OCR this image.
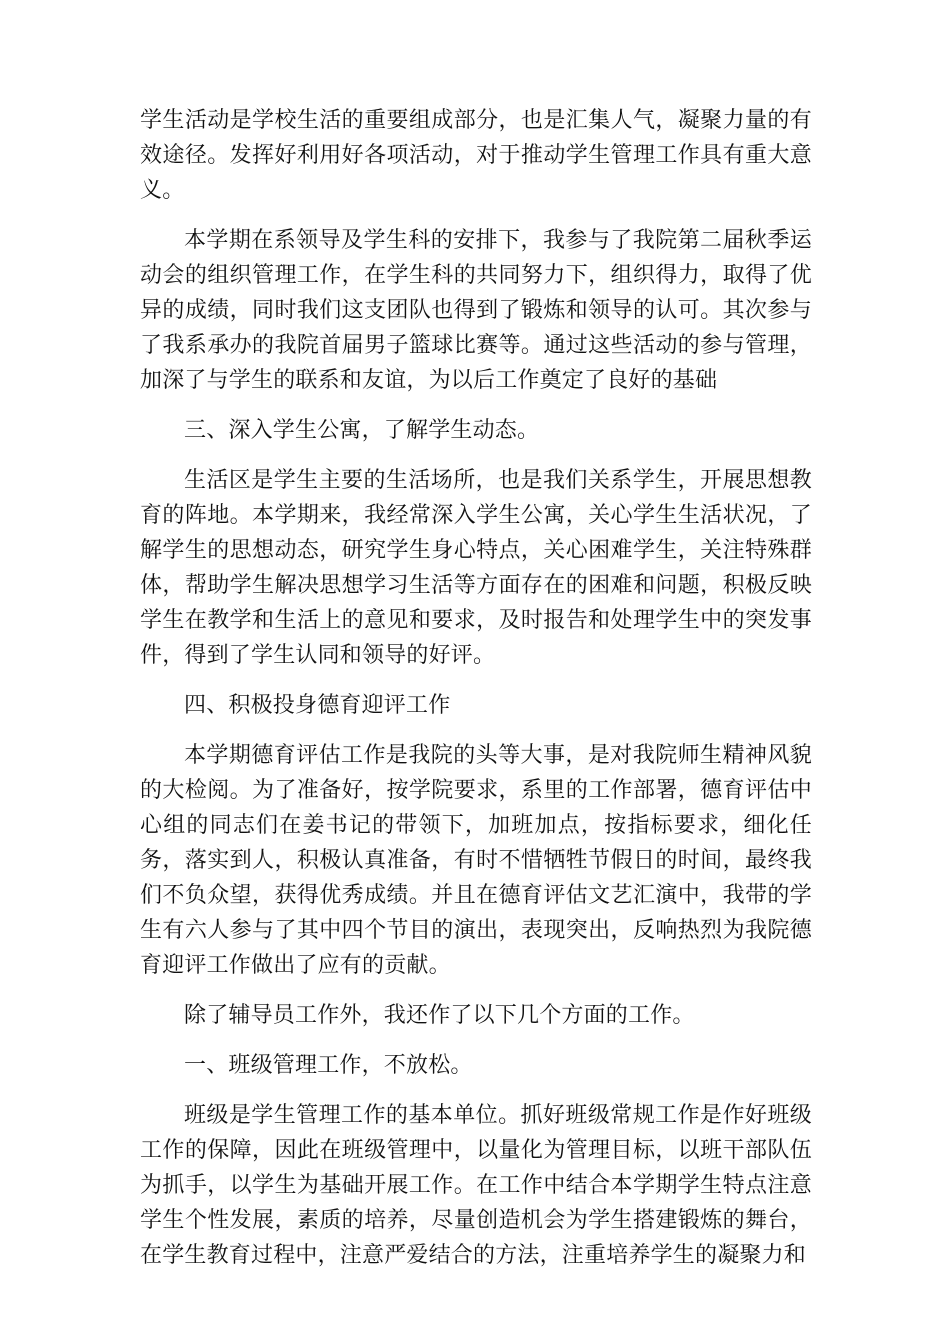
学生活动是学校生活的重要组成部分，也是汇集人气，凝聚力量的有效途径。发挥好利用好各项活动，对于推动学生管理工作具有重大意义。

本学期在系领导及学生科的安排下，我参与了我院第二届秋季运动会的组织管理工作，在学生科的共同努力下，组织得力，取得了优异的成绩，同时我们这支团队也得到了锻炼和领导的认可。其次参与了我系承办的我院首届男子篮球比赛等。通过这些活动的参与管理，加深了与学生的联系和友谊，为以后工作奠定了良好的基础

三、深入学生公寓，了解学生动态。

生活区是学生主要的生活场所，也是我们关系学生，开展思想教育的阵地。本学期来，我经常深入学生公寓，关心学生生活状况，了解学生的思想动态，研究学生身心特点，关心困难学生，关注特殊群体，帮助学生解决思想学习生活等方面存在的困难和问题，积极反映学生在教学和生活上的意见和要求，及时报告和处理学生中的突发事件，得到了学生认同和领导的好评。

四、积极投身德育迎评工作

本学期德育评估工作是我院的头等大事，是对我院师生精神风貌的大检阅。为了准备好，按学院要求，系里的工作部署，德育评估中心组的同志们在姜书记的带领下，加班加点，按指标要求，细化任务，落实到人，积极认真准备，有时不惜牺牲节假日的时间，最终我们不负众望，获得优秀成绩。并且在德育评估文艺汇演中，我带的学生有六人参与了其中四个节目的演出，表现突出，反响热烈为我院德育迎评工作做出了应有的贡献。

除了辅导员工作外，我还作了以下几个方面的工作。

一、班级管理工作，不放松。

班级是学生管理工作的基本单位。抓好班级常规工作是作好班级工作的保障，因此在班级管理中，以量化为管理目标，以班干部队伍为抓手，以学生为基础开展工作。在工作中结合本学期学生特点注意学生个性发展，素质的培养，尽量创造机会为学生搭建锻炼的舞台，在学生教育过程中，注意严爱结合的方法，注重培养学生的凝聚力和
